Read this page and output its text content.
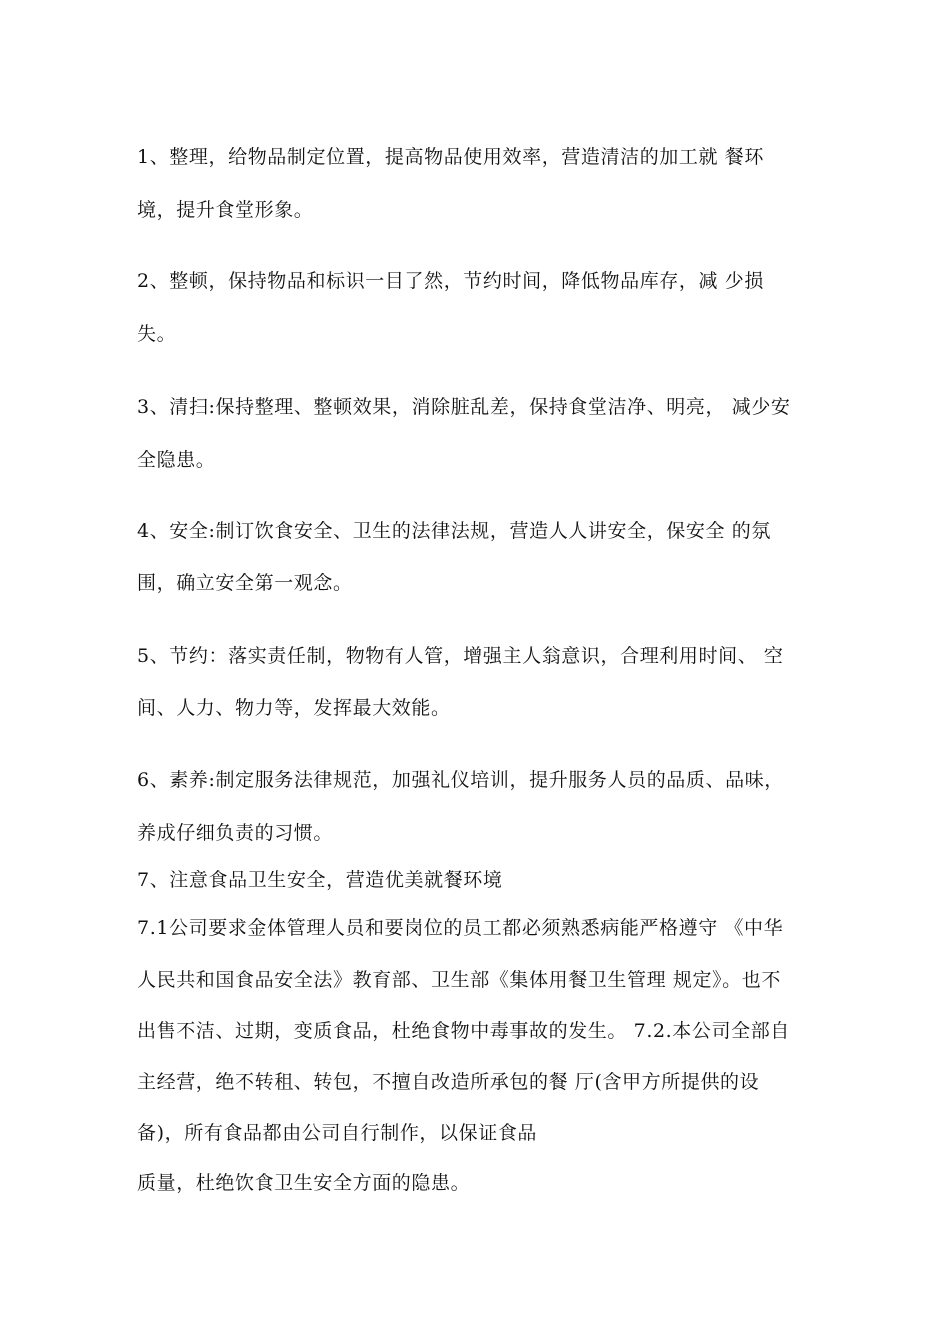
1、整理，给物品制定位置，提高物品使用效率，营造清洁的加工就 餐环
境，提升食堂形象。
2、整顿，保持物品和标识一目了然，节约时间，降低物品库存，减 少损
失。
3、清扫:保持整理、整顿效果，消除脏乱差，保持食堂洁净、明亮， 减少安
全隐患。
4、安全:制订饮食安全、卫生的法律法规，营造人人讲安全，保安全 的氛
围，确立安全第一观念。
5、节约：落实责任制，物物有人管，增强主人翁意识，合理利用时间、 空
间、人力、物力等，发挥最大效能。
6、素养:制定服务法律规范，加强礼仪培训，提升服务人员的品质、品味，
养成仔细负责的习惯。
7、注意食品卫生安全，营造优美就餐环境
7.1公司要求金体管理人员和要岗位的员工都必须熟悉病能严格遵守 《中华
人民共和国食品安全法》教育部、卫生部《集体用餐卫生管理 规定》。也不
出售不洁、过期，变质食品，杜绝食物中毒事故的发生。 7.2.本公司全部自
主经营，绝不转租、转包，不擅自改造所承包的餐 厅(含甲方所提供的设
备)，所有食品都由公司自行制作，以保证食品
质量，杜绝饮食卫生安全方面的隐患。
